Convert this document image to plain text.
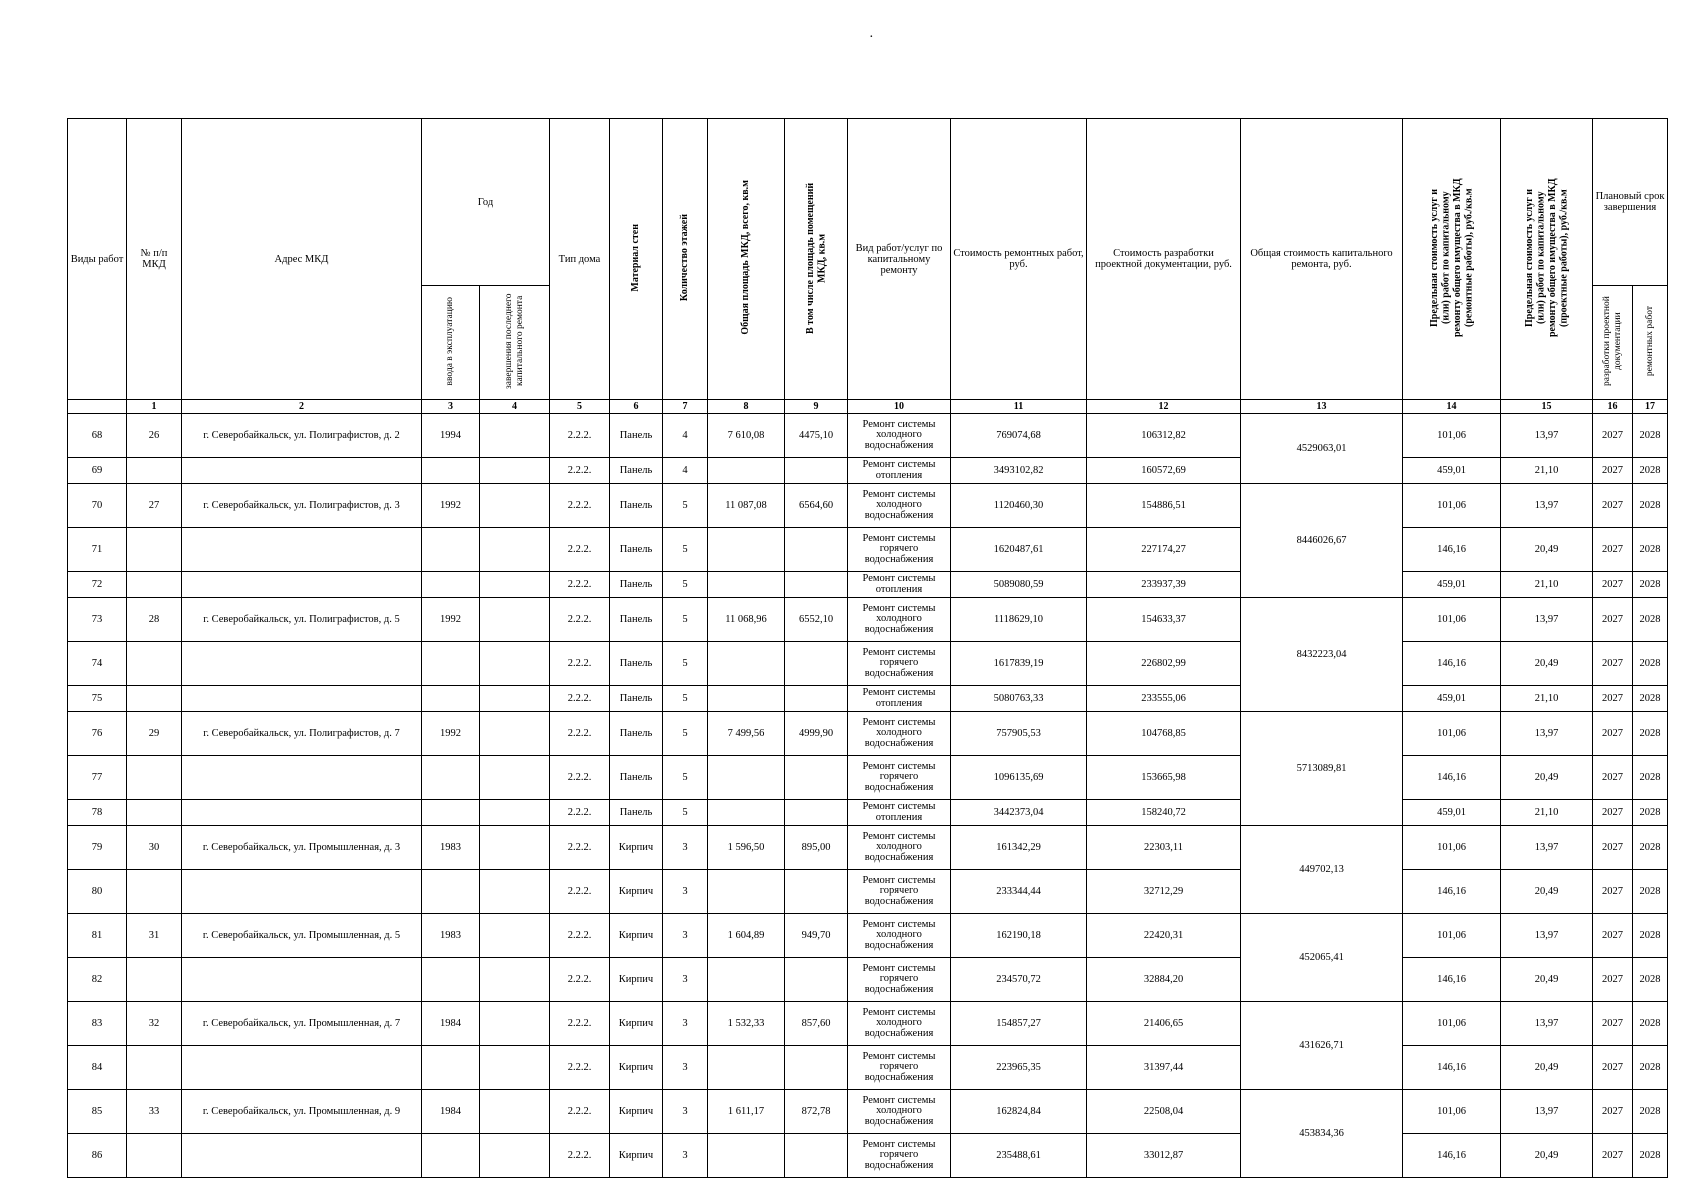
·
Виды работ	№ п/п МКД	Адрес МКД	Год		Тип дома	Материал стен	Количество этажей	Общая площадь МКД, всего, кв.м	В том числе площадь помещений МКД, кв.м	Вид работ/услуг по капитальному ремонту	Стоимость ремонтных работ, руб.	Стоимость разработки проектной документации, руб.	Общая стоимость капитального ремонта, руб.	Предельная стоимость услуг и (или) работ по капитальному ремонту общего имущества в МКД (ремонтные работы), руб./кв.м	Предельная стоимость услуг и (или) работ по капитальному ремонту общего имущества в МКД (проектные работы), руб./кв.м	Плановый срок завершения	
			ввода в эксплуатацию	завершения последнего капитального ремонта												разработки проектной документации	ремонтных работ
	1	2	3	4	5	6	7	8	9	10	11	12	13	14	15	16	17
68	26	г. Северобайкальск, ул. Полиграфистов, д. 2	1994		2.2.2.	Панель	4	7 610,08	4475,10	Ремонт системы холодного водоснабжения	769074,68	106312,82	4529063,01	101,06	13,97	2027	2028
69					2.2.2.	Панель	4			Ремонт системы отопления	3493102,82	160572,69		459,01	21,10	2027	2028
70	27	г. Северобайкальск, ул. Полиграфистов, д. 3	1992		2.2.2.	Панель	5	11 087,08	6564,60	Ремонт системы холодного водоснабжения	1120460,30	154886,51	8446026,67	101,06	13,97	2027	2028
71					2.2.2.	Панель	5			Ремонт системы горячего водоснабжения	1620487,61	227174,27		146,16	20,49	2027	2028
72					2.2.2.	Панель	5			Ремонт системы отопления	5089080,59	233937,39		459,01	21,10	2027	2028
73	28	г. Северобайкальск, ул. Полиграфистов, д. 5	1992		2.2.2.	Панель	5	11 068,96	6552,10	Ремонт системы холодного водоснабжения	1118629,10	154633,37	8432223,04	101,06	13,97	2027	2028
74					2.2.2.	Панель	5			Ремонт системы горячего водоснабжения	1617839,19	226802,99		146,16	20,49	2027	2028
75					2.2.2.	Панель	5			Ремонт системы отопления	5080763,33	233555,06		459,01	21,10	2027	2028
76	29	г. Северобайкальск, ул. Полиграфистов, д. 7	1992		2.2.2.	Панель	5	7 499,56	4999,90	Ремонт системы холодного водоснабжения	757905,53	104768,85	5713089,81	101,06	13,97	2027	2028
77					2.2.2.	Панель	5			Ремонт системы горячего водоснабжения	1096135,69	153665,98		146,16	20,49	2027	2028
78					2.2.2.	Панель	5			Ремонт системы отопления	3442373,04	158240,72		459,01	21,10	2027	2028
79	30	г. Северобайкальск, ул. Промышленная, д. 3	1983		2.2.2.	Кирпич	3	1 596,50	895,00	Ремонт системы холодного водоснабжения	161342,29	22303,11	449702,13	101,06	13,97	2027	2028
80					2.2.2.	Кирпич	3			Ремонт системы горячего водоснабжения	233344,44	32712,29		146,16	20,49	2027	2028
81	31	г. Северобайкальск, ул. Промышленная, д. 5	1983		2.2.2.	Кирпич	3	1 604,89	949,70	Ремонт системы холодного водоснабжения	162190,18	22420,31	452065,41	101,06	13,97	2027	2028
82					2.2.2.	Кирпич	3			Ремонт системы горячего водоснабжения	234570,72	32884,20		146,16	20,49	2027	2028
83	32	г. Северобайкальск, ул. Промышленная, д. 7	1984		2.2.2.	Кирпич	3	1 532,33	857,60	Ремонт системы холодного водоснабжения	154857,27	21406,65	431626,71	101,06	13,97	2027	2028
84					2.2.2.	Кирпич	3			Ремонт системы горячего водоснабжения	223965,35	31397,44		146,16	20,49	2027	2028
85	33	г. Северобайкальск, ул. Промышленная, д. 9	1984		2.2.2.	Кирпич	3	1 611,17	872,78	Ремонт системы холодного водоснабжения	162824,84	22508,04	453834,36	101,06	13,97	2027	2028
86					2.2.2.	Кирпич	3			Ремонт системы горячего водоснабжения	235488,61	33012,87		146,16	20,49	2027	2028
